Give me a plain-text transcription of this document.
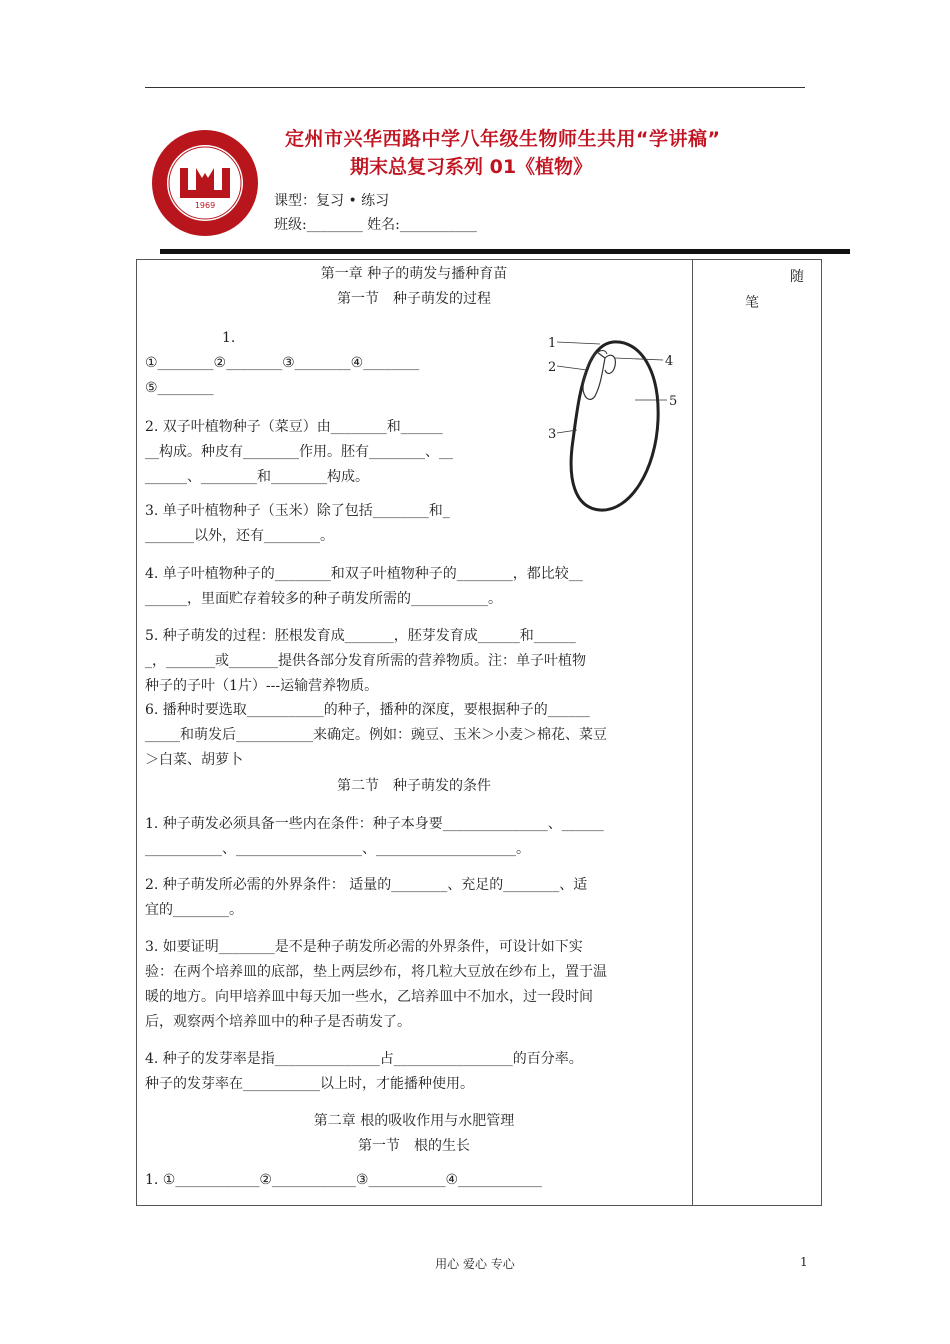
1969
定州市兴华西路中学八年级生物师生共用“学讲稿”
期末总复习系列 01《植物》
课型：复习 • 练习
班级:________ 姓名:___________
随
笔
第一章 种子的萌发与播种育苗
第一节　种子萌发的过程
1.
①________②________③________④________
⑤________
2. 双子叶植物种子（菜豆）由________和______
__构成。种皮有________作用。胚有________、__
______、________和________构成。
3. 单子叶植物种子（玉米）除了包括________和_
_______以外，还有________。
4. 单子叶植物种子的________和双子叶植物种子的________，都比较__
______，里面贮存着较多的种子萌发所需的___________。
5. 种子萌发的过程：胚根发育成_______，胚芽发育成______和______
_，_______或_______提供各部分发育所需的营养物质。注：单子叶植物
种子的子叶（1片）---运输营养物质。
6. 播种时要选取___________的种子，播种的深度，要根据种子的______
_____和萌发后___________来确定。例如：豌豆、玉米＞小麦＞棉花、菜豆
＞白菜、胡萝卜
第二节　种子萌发的条件
1. 种子萌发必须具备一些内在条件：种子本身要_______________、______
___________、__________________、____________________。
2. 种子萌发所必需的外界条件： 适量的________、充足的________、适
宜的________。
3. 如要证明________是不是种子萌发所必需的外界条件，可设计如下实
验：在两个培养皿的底部，垫上两层纱布，将几粒大豆放在纱布上，置于温
暖的地方。向甲培养皿中每天加一些水，乙培养皿中不加水，过一段时间
后，观察两个培养皿中的种子是否萌发了。
4. 种子的发芽率是指_______________占_________________的百分率。
种子的发芽率在___________以上时，才能播种使用。
第二章 根的吸收作用与水肥管理
第一节　根的生长
1. ①____________②____________③___________④____________
1
2
3
4
5
用心 爱心 专心	1
